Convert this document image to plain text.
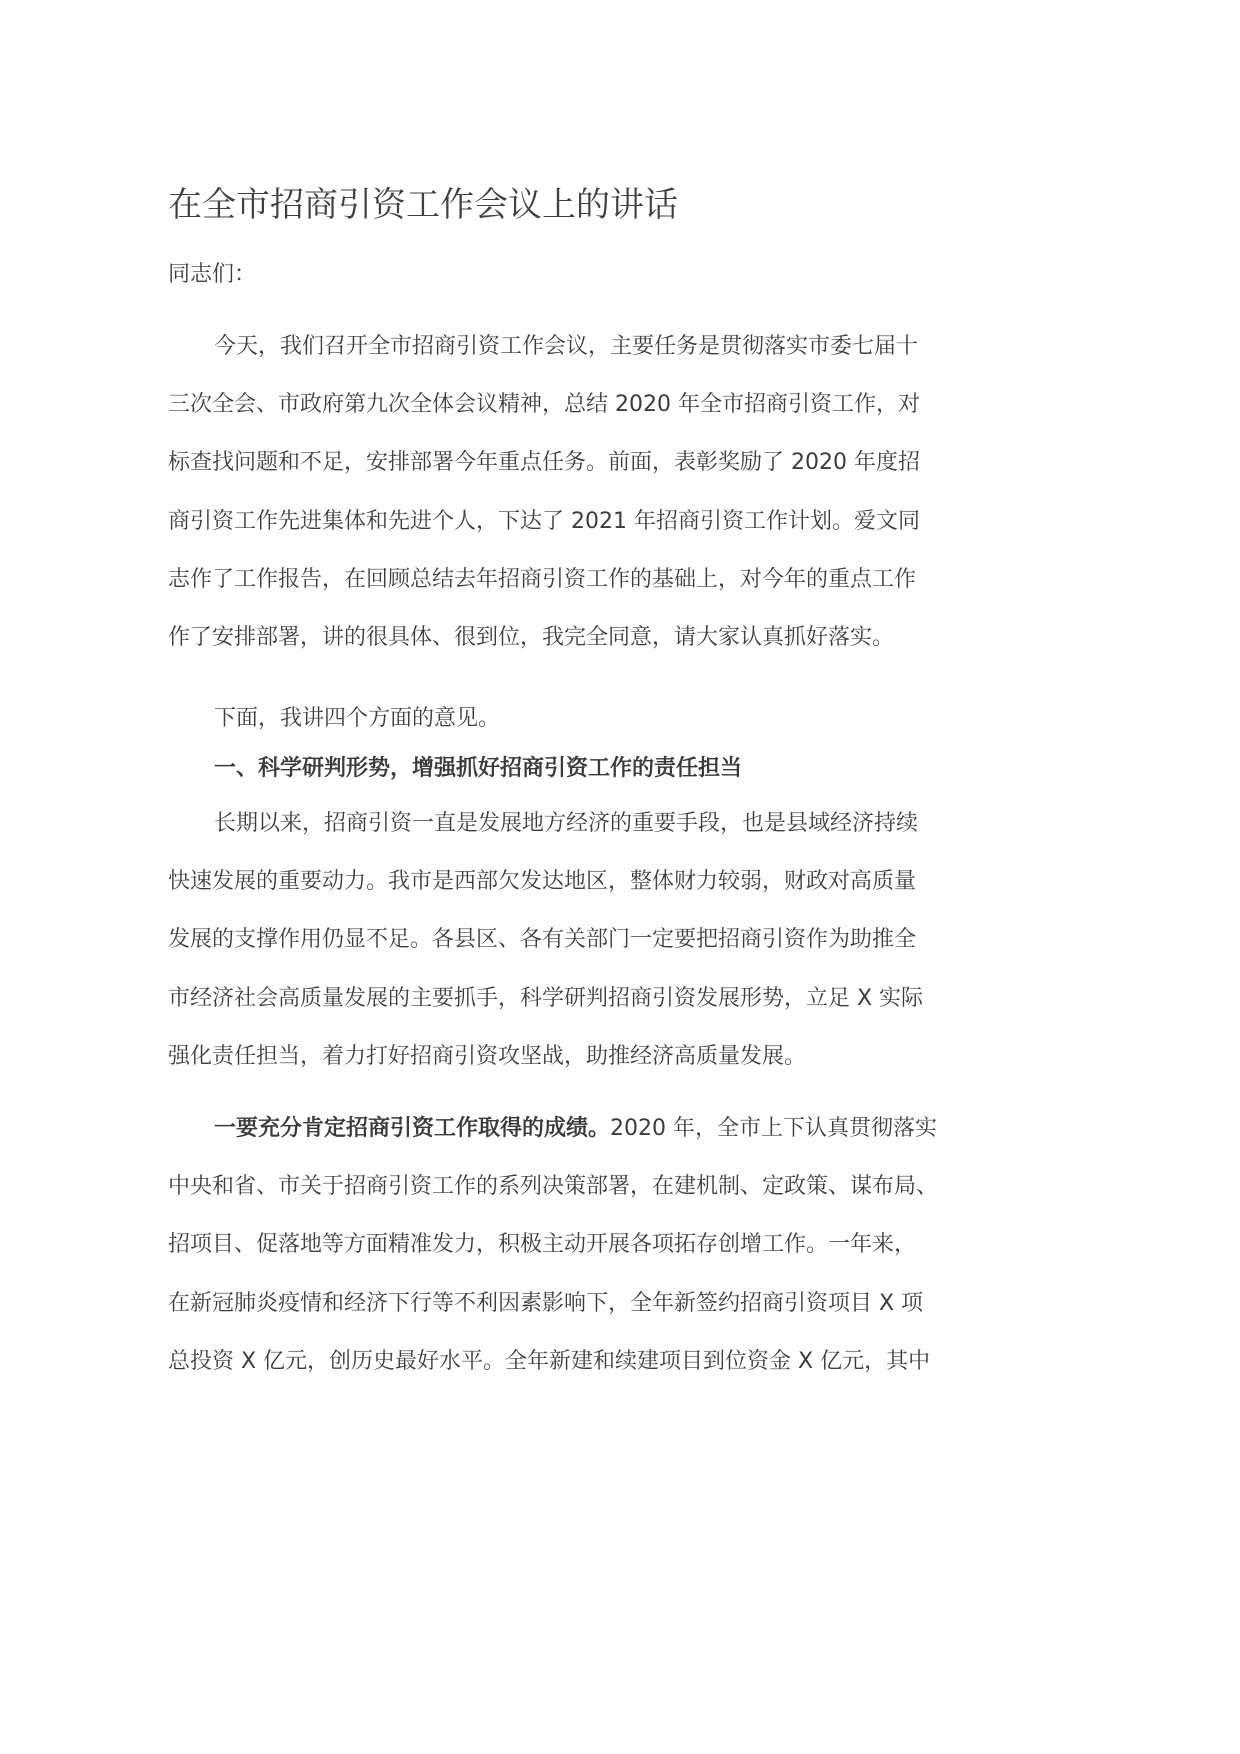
在全市招商引资工作会议上的讲话

同志们：

今天，我们召开全市招商引资工作会议，主要任务是贯彻落实市委七届十
三次全会、市政府第九次全体会议精神，总结 2020 年全市招商引资工作，对
标查找问题和不足，安排部署今年重点任务。前面，表彰奖励了 2020 年度招
商引资工作先进集体和先进个人，下达了 2021 年招商引资工作计划。爱文同
志作了工作报告，在回顾总结去年招商引资工作的基础上，对今年的重点工作
作了安排部署，讲的很具体、很到位，我完全同意，请大家认真抓好落实。
下面，我讲四个方面的意见。
一、科学研判形势，增强抓好招商引资工作的责任担当
长期以来，招商引资一直是发展地方经济的重要手段，也是县域经济持续
快速发展的重要动力。我市是西部欠发达地区，整体财力较弱，财政对高质量
发展的支撑作用仍显不足。各县区、各有关部门一定要把招商引资作为助推全
市经济社会高质量发展的主要抓手，科学研判招商引资发展形势，立足 X 实际
强化责任担当，着力打好招商引资攻坚战，助推经济高质量发展。
一要充分肯定招商引资工作取得的成绩。2020 年，全市上下认真贯彻落实
中央和省、市关于招商引资工作的系列决策部署，在建机制、定政策、谋布局、
招项目、促落地等方面精准发力，积极主动开展各项拓存创增工作。一年来，
在新冠肺炎疫情和经济下行等不利因素影响下，全年新签约招商引资项目 X 项
总投资 X 亿元，创历史最好水平。全年新建和续建项目到位资金 X 亿元，其中
